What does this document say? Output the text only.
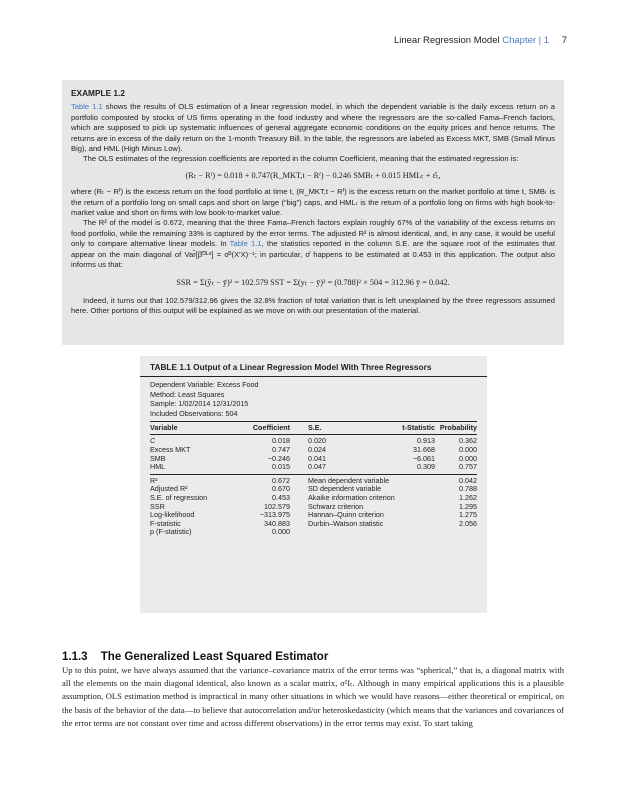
Linear Regression Model Chapter | 1 7
EXAMPLE 1.2

Table 1.1 shows the results of OLS estimation of a linear regression model, in which the dependent variable is the daily excess return on a portfolio composted by stocks of US firms operating in the food industry and where the regressors are the so-called Fama–French factors, which are supposed to pick up systematic influences of general aggregate economic conditions on the equity prices and hence returns. The returns are in excess of the daily return on the 1-month Treasury Bill. In the table, the regressors are labeled as Excess MKT, SMB (Small Minus Big), and HML (High Minus Low).

The OLS estimates of the regression coefficients are reported in the column Coefficient, meaning that the estimated regression is:

(Rₜ − Rᶠ) = 0.018 + 0.747(R_MKT,t − Rᶠ) − 0.246 SMBₜ + 0.015 HMLₜ + ε̂ₜ,

where (Rₜ − Rᶠ) is the excess return on the food portfolio at time t, (R_MKT,t − Rᶠ) is the excess return on the market portfolio at time t, SMBₜ is the return of a portfolio long on small caps and short on large (“big”) caps, and HMLₜ is the return of a portfolio long on firms with high book-to-market value and short on firms with low book-to-market value.

The R² of the model is 0.672, meaning that the three Fama–French factors explain roughly 67% of the variability of the excess returns on food portfolio, while the remaining 33% is captured by the error terms. The adjusted R² is almost identical, and, in any case, it would be useful only to compare alternative linear models. In Table 1.1, the statistics reported in the column S.E. are the square root of the estimates that appear on the main diagonal of Var̂[β̂ᴼᴸˢ] = σ̂²(X′X)⁻¹; in particular, σ̂ happens to be estimated at 0.453 in this application. The output also informs us that:

SSR = Σ(ŷₜ − ȳ)² = 102.579 SST = Σ(yₜ − ȳ)² = (0.788)² × 504 = 312.96 ȳ = 0.042.

Indeed, it turns out that 102.579/312.96 gives the 32.8% fraction of total variation that is left unexplained by the three regressors assumed here. Other portions of this output will be explained as we move on with our presentation of the material.

TABLE 1.1 Output of a Linear Regression Model With Three Regressors
Dependent Variable: Excess Food
Method: Least Squares
Sample: 1/02/2014 12/31/2015
Included Observations: 504
Variable	Coefficient	S.E.	t-Statistic	Probability
C	0.018	0.020	0.913	0.362
Excess MKT	0.747	0.024	31.668	0.000
SMB	−0.246	0.041	−6.061	0.000
HML	0.015	0.047	0.309	0.757
R²	0.672	Mean dependent variable	0.042
Adjusted R²	0.670	SD dependent variable	0.788
S.E. of regression	0.453	Akaike information criterion	1.262
SSR	102.579	Schwarz criterion	1.295
Log-likelihood	−313.975	Hannan–Quinn criterion	1.275
F-statistic	340.883	Durbin–Watson statistic	2.056
p (F-statistic)	0.000		
1.1.3 The Generalized Least Squared Estimator

Up to this point, we have always assumed that the variance–covariance matrix of the error terms was “spherical,” that is, a diagonal matrix with all the elements on the main diagonal identical, also known as a scalar matrix, σ²Iₜ. Although in many empirical applications this is a plausible assumption, OLS estimation method is impractical in many other situations in which we would have reasons—either theoretical or empirical, on the basis of the behavior of the data—to believe that autocorrelation and/or heteroskedasticity (which means that the variances and covariances of the error terms are not constant over time and across different observations) in the error terms may exist. To start taking
